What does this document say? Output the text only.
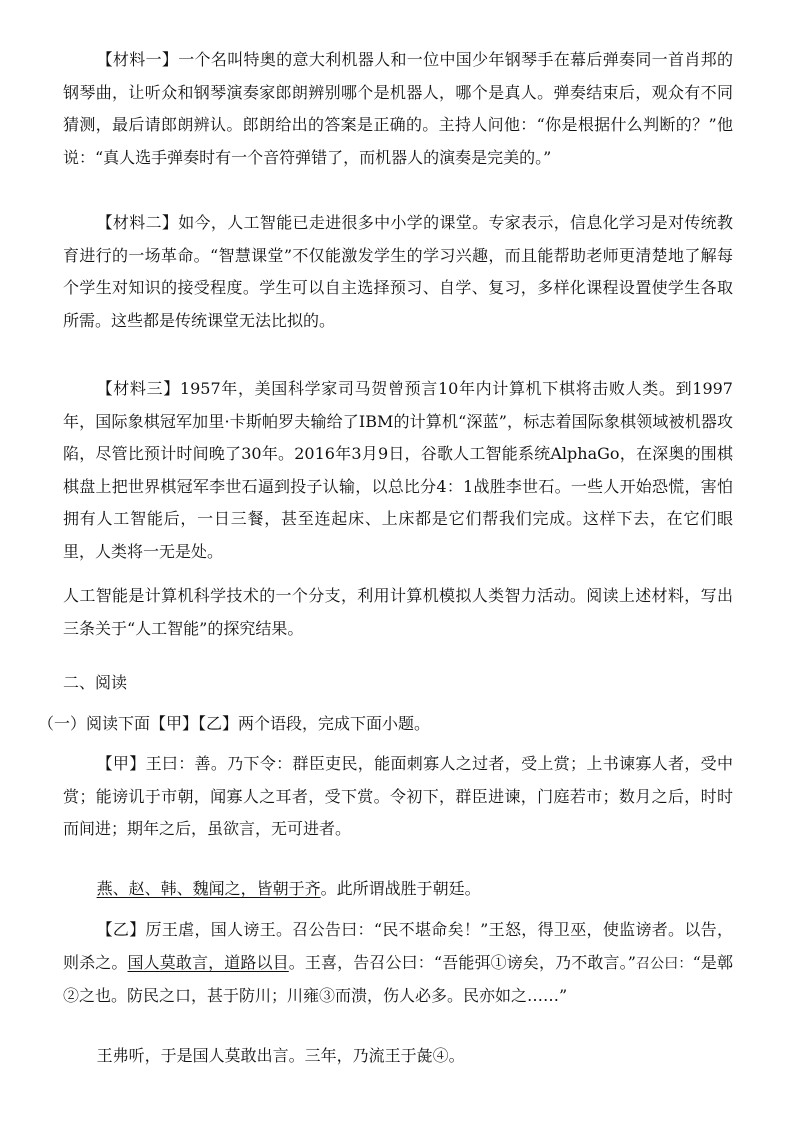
【材料一】一个名叫特奥的意大利机器人和一位中国少年钢琴手在幕后弹奏同一首肖邦的钢琴曲，让听众和钢琴演奏家郎朗辨别哪个是机器人，哪个是真人。弹奏结束后，观众有不同猜测，最后请郎朗辨认。郎朗给出的答案是正确的。主持人问他：“你是根据什么判断的？”他说：“真人选手弹奏时有一个音符弹错了，而机器人的演奏是完美的。”

【材料二】如今，人工智能已走进很多中小学的课堂。专家表示，信息化学习是对传统教育进行的一场革命。“智慧课堂”不仅能激发学生的学习兴趣，而且能帮助老师更清楚地了解每个学生对知识的接受程度。学生可以自主选择预习、自学、复习，多样化课程设置使学生各取所需。这些都是传统课堂无法比拟的。

【材料三】1957年，美国科学家司马贺曾预言10年内计算机下棋将击败人类。到1997年，国际象棋冠军加里·卡斯帕罗夫输给了IBM的计算机“深蓝”，标志着国际象棋领域被机器攻陷，尽管比预计时间晚了30年。2016年3月9日，谷歌人工智能系统AlphaGo，在深奥的围棋棋盘上把世界棋冠军李世石逼到投子认输，以总比分4：1战胜李世石。一些人开始恐慌，害怕拥有人工智能后，一日三餐，甚至连起床、上床都是它们帮我们完成。这样下去，在它们眼里，人类将一无是处。

人工智能是计算机科学技术的一个分支，利用计算机模拟人类智力活动。阅读上述材料，写出三条关于“人工智能”的探究结果。

二、阅读

（一）阅读下面【甲】【乙】两个语段，完成下面小题。

【甲】王曰：善。乃下令：群臣吏民，能面刺寡人之过者，受上赏；上书谏寡人者，受中赏；能谤讥于市朝，闻寡人之耳者，受下赏。令初下，群臣进谏，门庭若市；数月之后，时时而间进；期年之后，虽欲言，无可进者。

燕、赵、韩、魏闻之，皆朝于齐。此所谓战胜于朝廷。

【乙】厉王虐，国人谤王。召公告曰：“民不堪命矣！”王怒，得卫巫，使监谤者。以告，则杀之。国人莫敢言，道路以目。王喜，告召公曰：“吾能弭①谤矣，乃不敢言。”召公曰：“是鄣②之也。防民之口，甚于防川；川雍③而溃，伤人必多。民亦如之……”

王弗听，于是国人莫敢出言。三年，乃流王于彘④。
